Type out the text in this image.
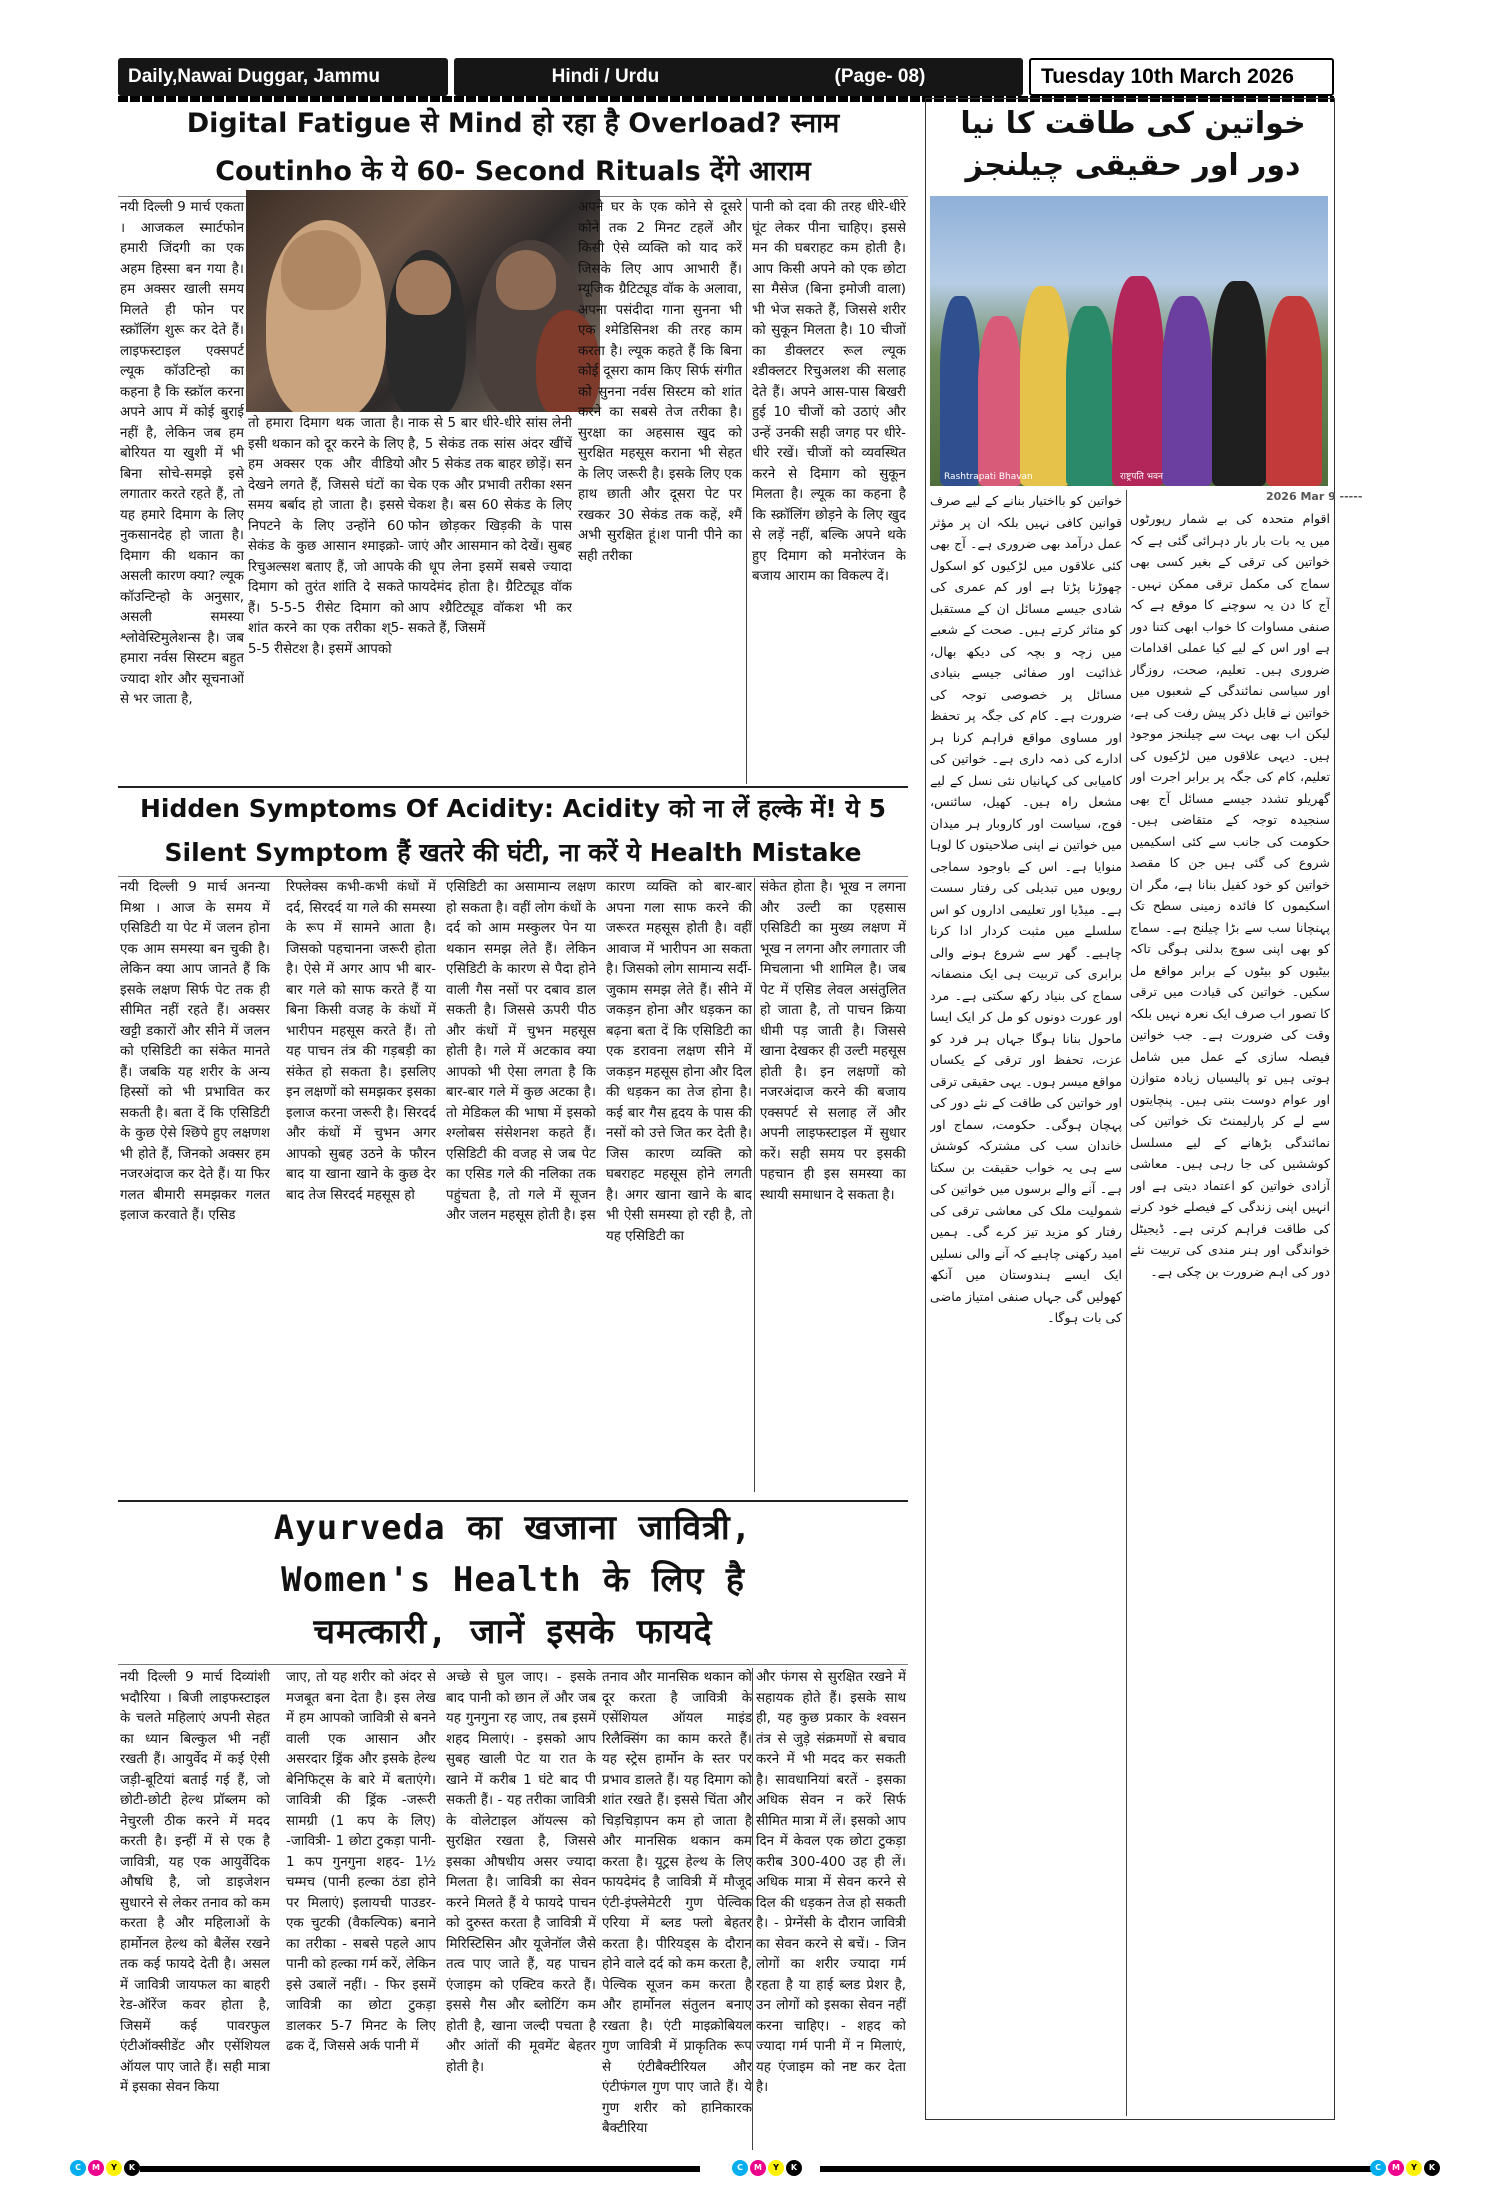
Daily,Nawai Duggar, Jammu	Hindi / Urdu	(Page- 08)	Tuesday 10th March 2026
Digital Fatigue से Mind हो रहा है Overload? स्नाम
Coutinho के ये 60- Second Rituals देंगे आराम
नयी दिल्ली 9 मार्च एकता । आजकल स्मार्टफोन हमारी जिंदगी का एक अहम हिस्सा बन गया है। हम अक्सर खाली समय मिलते ही फोन पर स्क्रॉलिंग शुरू कर देते हैं। लाइफस्टाइल एक्सपर्ट ल्यूक कॉउटिन्हो का कहना है कि स्क्रॉल करना अपने आप में कोई बुराई नहीं है, लेकिन जब हम बोरियत या खुशी में भी बिना सोचे-समझे इसे लगातार करते रहते हैं, तो यह हमारे दिमाग के लिए नुकसानदेह हो जाता है। दिमाग की थकान का असली कारण क्या? ल्यूक कॉउन्टिन्हो के अनुसार, असली समस्या श्लोवेस्टिमुलेशन्स है। जब हमारा नर्वस सिस्टम बहुत ज्यादा शोर और सूचनाओं से भर जाता है,
तो हमारा दिमाग थक जाता है। इसी थकान को दूर करने के लिए हम अक्सर एक और वीडियो देखने लगते हैं, जिससे घंटों का समय बर्बाद हो जाता है। इससे निपटने के लिए उन्होंने 60 सेकंड के कुछ आसान श्माइक्रो-रिचुअल्सश बताए हैं, जो आपके दिमाग को तुरंत शांति दे सकते हैं। 5-5-5 रीसेट दिमाग को शांत करने का एक तरीका श्5-5-5 रीसेटश है। इसमें आपको
नाक से 5 बार धीरे-धीरे सांस लेनी है, 5 सेकंड तक सांस अंदर खींचें और 5 सेकंड तक बाहर छोड़ें। सन चेक एक और प्रभावी तरीका श्सन चेकश है। बस 60 सेकंड के लिए फोन छोड़कर खिड़की के पास जाएं और आसमान को देखें। सुबह की धूप लेना इसमें सबसे ज्यादा फायदेमंद होता है। ग्रैटिट्यूड वॉक आप श्ग्रैटिट्यूड वॉकश भी कर सकते हैं, जिसमें
अपने घर के एक कोने से दूसरे कोने तक 2 मिनट टहलें और किसी ऐसे व्यक्ति को याद करें जिसके लिए आप आभारी हैं। म्यूजिक ग्रैटिट्यूड वॉक के अलावा, अपना पसंदीदा गाना सुनना भी एक श्मेडिसिनश की तरह काम करता है। ल्यूक कहते हैं कि बिना कोई दूसरा काम किए सिर्फ संगीत को सुनना नर्वस सिस्टम को शांत करने का सबसे तेज तरीका है। सुरक्षा का अहसास खुद को सुरक्षित महसूस कराना भी सेहत के लिए जरूरी है। इसके लिए एक हाथ छाती और दूसरा पेट पर रखकर 30 सेकंड तक कहें, श्मैं अभी सुरक्षित हूं।श पानी पीने का सही तरीका
पानी को दवा की तरह धीरे-धीरे घूंट लेकर पीना चाहिए। इससे मन की घबराहट कम होती है। आप किसी अपने को एक छोटा सा मैसेज (बिना इमोजी वाला) भी भेज सकते हैं, जिससे शरीर को सुकून मिलता है। 10 चीजों का डीक्लटर रूल ल्यूक श्डीक्लटर रिचुअलश की सलाह देते हैं। अपने आस-पास बिखरी हुई 10 चीजों को उठाएं और उन्हें उनकी सही जगह पर धीरे-धीरे रखें। चीजों को व्यवस्थित करने से दिमाग को सुकून मिलता है। ल्यूक का कहना है कि स्क्रॉलिंग छोड़ने के लिए खुद से लड़ें नहीं, बल्कि अपने थके हुए दिमाग को मनोरंजन के बजाय आराम का विकल्प दें।
Hidden Symptoms Of Acidity: Acidity को ना लें हल्के में! ये 5
Silent Symptom हैं खतरे की घंटी, ना करें ये Health Mistake
नयी दिल्ली 9 मार्च अनन्या मिश्रा । आज के समय में एसिडिटी या पेट में जलन होना एक आम समस्या बन चुकी है। लेकिन क्या आप जानते हैं कि इसके लक्षण सिर्फ पेट तक ही सीमित नहीं रहते हैं। अक्सर खट्टी डकारों और सीने में जलन को एसिडिटी का संकेत मानते हैं। जबकि यह शरीर के अन्य हिस्सों को भी प्रभावित कर सकती है। बता दें कि एसिडिटी के कुछ ऐसे श्छिपे हुए लक्षणश भी होते हैं, जिनको अक्सर हम नजरअंदाज कर देते हैं। या फिर गलत बीमारी समझकर गलत इलाज करवाते हैं। एसिड
रिफ्लेक्स कभी-कभी कंधों में दर्द, सिरदर्द या गले की समस्या के रूप में सामने आता है। जिसको पहचानना जरूरी होता है। ऐसे में अगर आप भी बार-बार गले को साफ करते हैं या बिना किसी वजह के कंधों में भारीपन महसूस करते हैं। तो यह पाचन तंत्र की गड़बड़ी का संकेत हो सकता है। इसलिए इन लक्षणों को समझकर इसका इलाज करना जरूरी है। सिरदर्द और कंधों में चुभन अगर आपको सुबह उठने के फौरन बाद या खाना खाने के कुछ देर बाद तेज सिरदर्द महसूस हो
एसिडिटी का असामान्य लक्षण हो सकता है। वहीं लोग कंधों के दर्द को आम मस्कुलर पेन या थकान समझ लेते हैं। लेकिन एसिडिटी के कारण से पैदा होने वाली गैस नसों पर दबाव डाल सकती है। जिससे ऊपरी पीठ और कंधों में चुभन महसूस होती है। गले में अटकाव क्या आपको भी ऐसा लगता है कि बार-बार गले में कुछ अटका है। तो मेडिकल की भाषा में इसको श्ग्लोबस संसेशनश कहते हैं। एसिडिटी की वजह से जब पेट का एसिड गले की नलिका तक पहुंचता है, तो गले में सूजन और जलन महसूस होती है। इस
कारण व्यक्ति को बार-बार अपना गला साफ करने की जरूरत महसूस होती है। वहीं आवाज में भारीपन आ सकता है। जिसको लोग सामान्य सर्दी-जुकाम समझ लेते हैं। सीने में जकड़न होना और धड़कन का बढ़ना बता दें कि एसिडिटी का एक डरावना लक्षण सीने में जकड़न महसूस होना और दिल की धड़कन का तेज होना है। कई बार गैस हृदय के पास की नसों को उत्ते जित कर देती है। जिस कारण व्यक्ति को घबराहट महसूस होने लगती है। अगर खाना खाने के बाद भी ऐसी समस्या हो रही है, तो यह एसिडिटी का
संकेत होता है। भूख न लगना और उल्टी का एहसास एसिडिटी का मुख्य लक्षण में भूख न लगना और लगातार जी मिचलाना भी शामिल है। जब पेट में एसिड लेवल असंतुलित हो जाता है, तो पाचन क्रिया धीमी पड़ जाती है। जिससे खाना देखकर ही उल्टी महसूस होती है। इन लक्षणों को नजरअंदाज करने की बजाय एक्सपर्ट से सलाह लें और अपनी लाइफस्टाइल में सुधार करें। सही समय पर इसकी पहचान ही इस समस्या का स्थायी समाधान दे सकता है।
Ayurveda का खजाना जावित्री,
Women's Health के लिए है
चमत्कारी, जानें इसके फायदे
नयी दिल्ली 9 मार्च दिव्यांशी भदौरिया । बिजी लाइफस्टाइल के चलते महिलाएं अपनी सेहत का ध्यान बिल्कुल भी नहीं रखती हैं। आयुर्वेद में कई ऐसी जड़ी-बूटियां बताई गई हैं, जो छोटी-छोटी हेल्थ प्रॉब्लम को नेचुरली ठीक करने में मदद करती है। इन्हीं में से एक है जावित्री, यह एक आयुर्वेदिक औषधि है, जो डाइजेशन सुधारने से लेकर तनाव को कम करता है और महिलाओं के हार्मोनल हेल्थ को बैलेंस रखने तक कई फायदे देती है। असल में जावित्री जायफल का बाहरी रेड-ऑरेंज कवर होता है, जिसमें कई पावरफुल एंटीऑक्सीडेंट और एसेंशियल ऑयल पाए जाते हैं। सही मात्रा में इसका सेवन किया
जाए, तो यह शरीर को अंदर से मजबूत बना देता है। इस लेख में हम आपको जावित्री से बनने वाली एक आसान और असरदार ड्रिंक और इसके हेल्थ बेनिफिट्स के बारे में बताएंगे। जावित्री की ड्रिंक -जरूरी सामग्री (1 कप के लिए) -जावित्री- 1 छोटा टुकड़ा पानी- 1 कप गुनगुना शहद- 1½ चम्मच (पानी हल्का ठंडा होने पर मिलाएं) इलायची पाउडर- एक चुटकी (वैकल्पिक) बनाने का तरीका - सबसे पहले आप पानी को हल्का गर्म करें, लेकिन इसे उबालें नहीं। - फिर इसमें जावित्री का छोटा टुकड़ा डालकर 5-7 मिनट के लिए ढक दें, जिससे अर्क पानी में
अच्छे से घुल जाए। - इसके बाद पानी को छान लें और जब यह गुनगुना रह जाए, तब इसमें शहद मिलाएं। - इसको आप सुबह खाली पेट या रात के खाने में करीब 1 घंटे बाद पी सकती हैं। - यह तरीका जावित्री के वोलेटाइल ऑयल्स को सुरक्षित रखता है, जिससे इसका औषधीय असर ज्यादा मिलता है। जावित्री का सेवन करने मिलते हैं ये फायदे पाचन को दुरुस्त करता है जावित्री में मिरिस्टिसिन और यूजेनॉल जैसे तत्व पाए जाते हैं, यह पाचन एंजाइम को एक्टिव करते हैं। इससे गैस और ब्लोटिंग कम होती है, खाना जल्दी पचता है और आंतों की मूवमेंट बेहतर होती है।
तनाव और मानसिक थकान को दूर करता है जावित्री के एसेंशियल ऑयल माइंड रिलैक्सिंग का काम करते हैं। यह स्ट्रेस हार्मोन के स्तर पर प्रभाव डालते हैं। यह दिमाग को शांत रखते हैं। इससे चिंता और चिड़चिड़ापन कम हो जाता है और मानसिक थकान कम करता है। यूट्रस हेल्थ के लिए फायदेमंद है जावित्री में मौजूद एंटी-इंफ्लेमेटरी गुण पेल्विक एरिया में ब्लड फ्लो बेहतर करता है। पीरियड्स के दौरान होने वाले दर्द को कम करता है, पेल्विक सूजन कम करता है और हार्मोनल संतुलन बनाए रखता है। एंटी माइक्रोबियल गुण जावित्री में प्राकृतिक रूप से एंटीबैक्टीरियल और एंटीफंगल गुण पाए जाते हैं। ये गुण शरीर को हानिकारक बैक्टीरिया
और फंगस से सुरक्षित रखने में सहायक होते हैं। इसके साथ ही, यह कुछ प्रकार के श्वसन तंत्र से जुड़े संक्रमणों से बचाव करने में भी मदद कर सकती है। सावधानियां बरतें - इसका अधिक सेवन न करें सिर्फ सीमित मात्रा में लें। इसको आप दिन में केवल एक छोटा टुकड़ा करीब 300-400 उह ही लें। अधिक मात्रा में सेवन करने से दिल की धड़कन तेज हो सकती है। - प्रेग्नेंसी के दौरान जावित्री का सेवन करने से बचें। - जिन लोगों का शरीर ज्यादा गर्म रहता है या हाई ब्लड प्रेशर है, उन लोगों को इसका सेवन नहीं करना चाहिए। - शहद को ज्यादा गर्म पानी में न मिलाएं, यह एंजाइम को नष्ट कर देता है।
خواتین کی طاقت کا نیا
دور اور حقیقی چیلنجز
Rashtrapati Bhavan	राष्ट्रपति भवन
2026 Mar 9 -----
اقوام متحدہ کی بے شمار رپورٹوں میں یہ بات بار بار دہرائی گئی ہے کہ خواتین کی ترقی کے بغیر کسی بھی سماج کی مکمل ترقی ممکن نہیں۔ آج کا دن یہ سوچنے کا موقع ہے کہ صنفی مساوات کا خواب ابھی کتنا دور ہے اور اس کے لیے کیا عملی اقدامات ضروری ہیں۔ تعلیم، صحت، روزگار اور سیاسی نمائندگی کے شعبوں میں خواتین نے قابل ذکر پیش رفت کی ہے، لیکن اب بھی بہت سے چیلنجز موجود ہیں۔ دیہی علاقوں میں لڑکیوں کی تعلیم، کام کی جگہ پر برابر اجرت اور گھریلو تشدد جیسے مسائل آج بھی سنجیدہ توجہ کے متقاضی ہیں۔ حکومت کی جانب سے کئی اسکیمیں شروع کی گئی ہیں جن کا مقصد خواتین کو خود کفیل بنانا ہے، مگر ان اسکیموں کا فائدہ زمینی سطح تک پہنچانا سب سے بڑا چیلنج ہے۔ سماج کو بھی اپنی سوچ بدلنی ہوگی تاکہ بیٹیوں کو بیٹوں کے برابر مواقع مل سکیں۔ خواتین کی قیادت میں ترقی کا تصور اب صرف ایک نعرہ نہیں بلکہ وقت کی ضرورت ہے۔ جب خواتین فیصلہ سازی کے عمل میں شامل ہوتی ہیں تو پالیسیاں زیادہ متوازن اور عوام دوست بنتی ہیں۔ پنچایتوں سے لے کر پارلیمنٹ تک خواتین کی نمائندگی بڑھانے کے لیے مسلسل کوششیں کی جا رہی ہیں۔ معاشی آزادی خواتین کو اعتماد دیتی ہے اور انہیں اپنی زندگی کے فیصلے خود کرنے کی طاقت فراہم کرتی ہے۔ ڈیجیٹل خواندگی اور ہنر مندی کی تربیت نئے دور کی اہم ضرورت بن چکی ہے۔
خواتین کو بااختیار بنانے کے لیے صرف قوانین کافی نہیں بلکہ ان پر مؤثر عمل درآمد بھی ضروری ہے۔ آج بھی کئی علاقوں میں لڑکیوں کو اسکول چھوڑنا پڑتا ہے اور کم عمری کی شادی جیسے مسائل ان کے مستقبل کو متاثر کرتے ہیں۔ صحت کے شعبے میں زچہ و بچہ کی دیکھ بھال، غذائیت اور صفائی جیسے بنیادی مسائل پر خصوصی توجہ کی ضرورت ہے۔ کام کی جگہ پر تحفظ اور مساوی مواقع فراہم کرنا ہر ادارے کی ذمہ داری ہے۔ خواتین کی کامیابی کی کہانیاں نئی نسل کے لیے مشعل راہ ہیں۔ کھیل، سائنس، فوج، سیاست اور کاروبار ہر میدان میں خواتین نے اپنی صلاحیتوں کا لوہا منوایا ہے۔ اس کے باوجود سماجی رویوں میں تبدیلی کی رفتار سست ہے۔ میڈیا اور تعلیمی اداروں کو اس سلسلے میں مثبت کردار ادا کرنا چاہیے۔ گھر سے شروع ہونے والی برابری کی تربیت ہی ایک منصفانہ سماج کی بنیاد رکھ سکتی ہے۔ مرد اور عورت دونوں کو مل کر ایک ایسا ماحول بنانا ہوگا جہاں ہر فرد کو عزت، تحفظ اور ترقی کے یکساں مواقع میسر ہوں۔ یہی حقیقی ترقی اور خواتین کی طاقت کے نئے دور کی پہچان ہوگی۔ حکومت، سماج اور خاندان سب کی مشترکہ کوشش سے ہی یہ خواب حقیقت بن سکتا ہے۔ آنے والے برسوں میں خواتین کی شمولیت ملک کی معاشی ترقی کی رفتار کو مزید تیز کرے گی۔ ہمیں امید رکھنی چاہیے کہ آنے والی نسلیں ایک ایسے ہندوستان میں آنکھ کھولیں گی جہاں صنفی امتیاز ماضی کی بات ہوگا۔
C	M	Y	K	C	M	Y	K	C	M	Y	K
